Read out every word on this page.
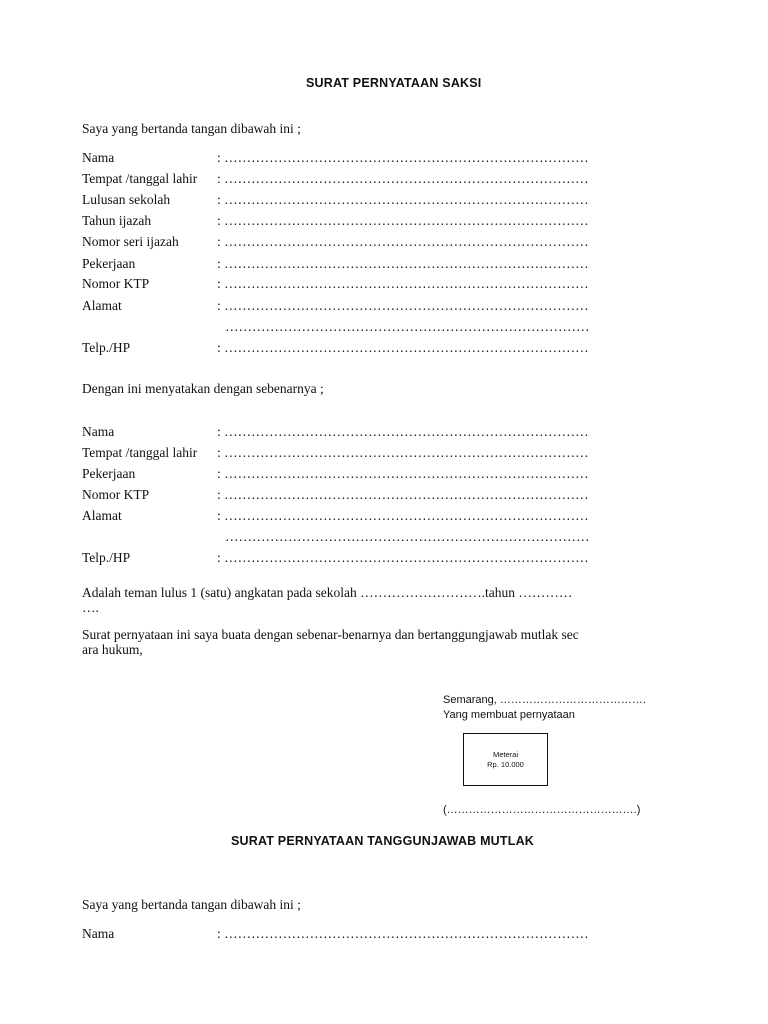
SURAT PERNYATAAN SAKSI
Saya yang bertanda tangan dibawah ini ;
Nama	: ………………………………………………………………………
Tempat /tanggal lahir : ………………………………………………………………………
Lulusan sekolah	: ………………………………………………………………………
Tahun ijazah	: ………………………………………………………………………
Nomor seri ijazah	: ………………………………………………………………………
Pekerjaan	: ………………………………………………………………………
Nomor KTP	: ………………………………………………………………………
Alamat	: ………………………………………………………………………
………………………………………………………………………
Telp./HP	: ………………………………………………………………………
Dengan ini menyatakan dengan sebenarnya ;
Nama	: ………………………………………………………………………
Tempat /tanggal lahir : ………………………………………………………………………
Pekerjaan	: ………………………………………………………………………
Nomor KTP	: ………………………………………………………………………
Alamat	: ………………………………………………………………………
………………………………………………………………………
Telp./HP	: ………………………………………………………………………
Adalah teman lulus 1 (satu) angkatan pada sekolah ……………………….tahun …………
….
Surat pernyataan ini saya buata dengan sebenar-benarnya dan bertanggungjawab mutlak sec
ara hukum,
Semarang, ………………………………….
Yang membuat pernyataan
Meterai
Rp. 10.000
(…………………………………………….)
SURAT PERNYATAAN TANGGUNJAWAB MUTLAK
Saya yang bertanda tangan dibawah ini ;
Nama	: ………………………………………………………………………
